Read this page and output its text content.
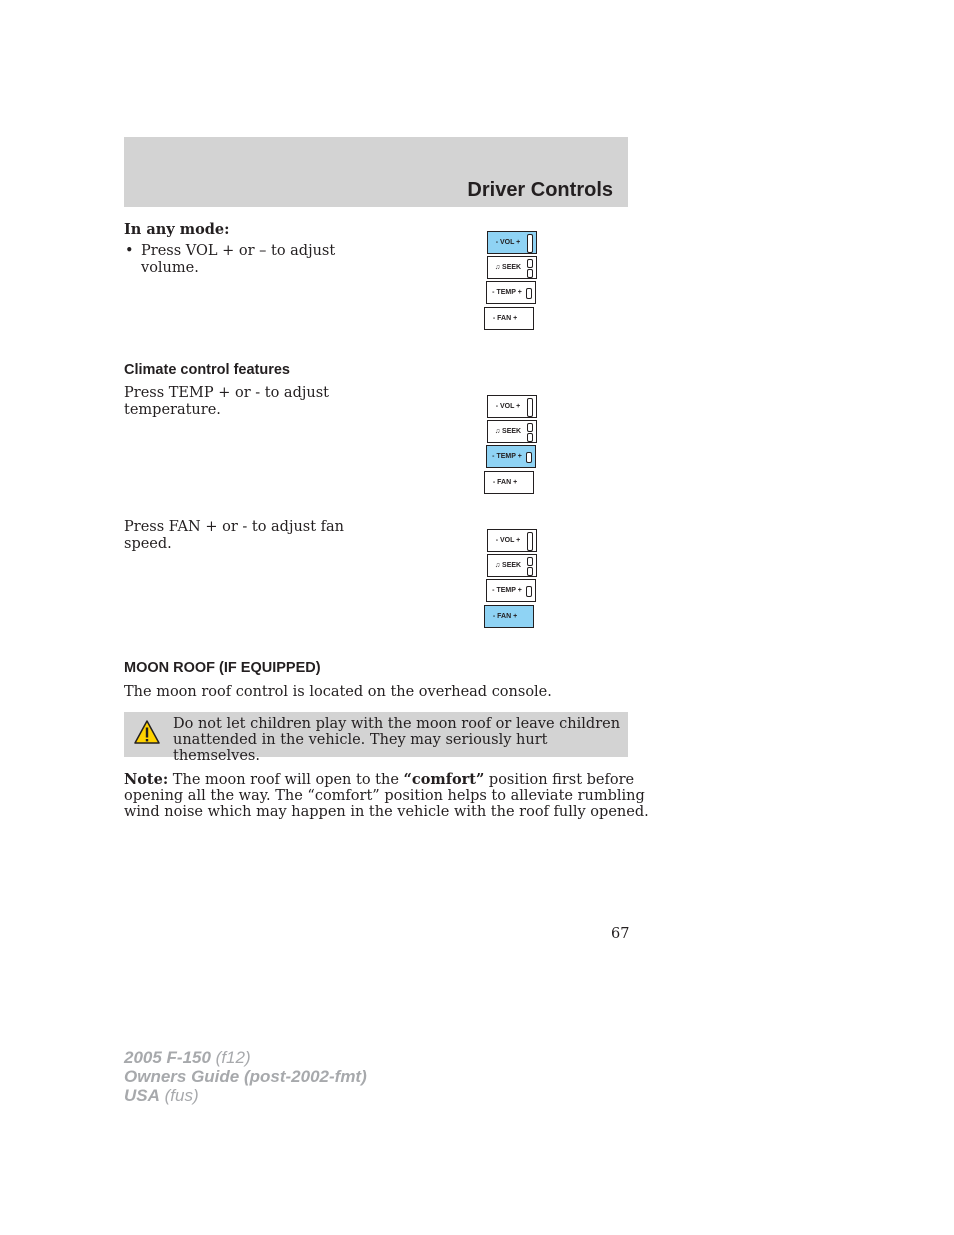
Driver Controls
In any mode:
• Press VOL + or – to adjust
volume.
- VOL +
♫ SEEK
- TEMP +
- FAN +
Climate control features
Press TEMP + or - to adjust
temperature.	- VOL +
♫ SEEK
- TEMP +
- FAN +
Press FAN + or - to adjust fan
speed.	- VOL +
♫ SEEK
- TEMP +
- FAN +
MOON ROOF (IF EQUIPPED)
The moon roof control is located on the overhead console.
Do not let children play with the moon roof or leave children
unattended in the vehicle. They may seriously hurt themselves.
Note: The moon roof will open to the “comfort” position first before
opening all the way. The “comfort” position helps to alleviate rumbling
wind noise which may happen in the vehicle with the roof fully opened.
67
2005 F-150 (f12)
Owners Guide (post-2002-fmt)
USA (fus)
